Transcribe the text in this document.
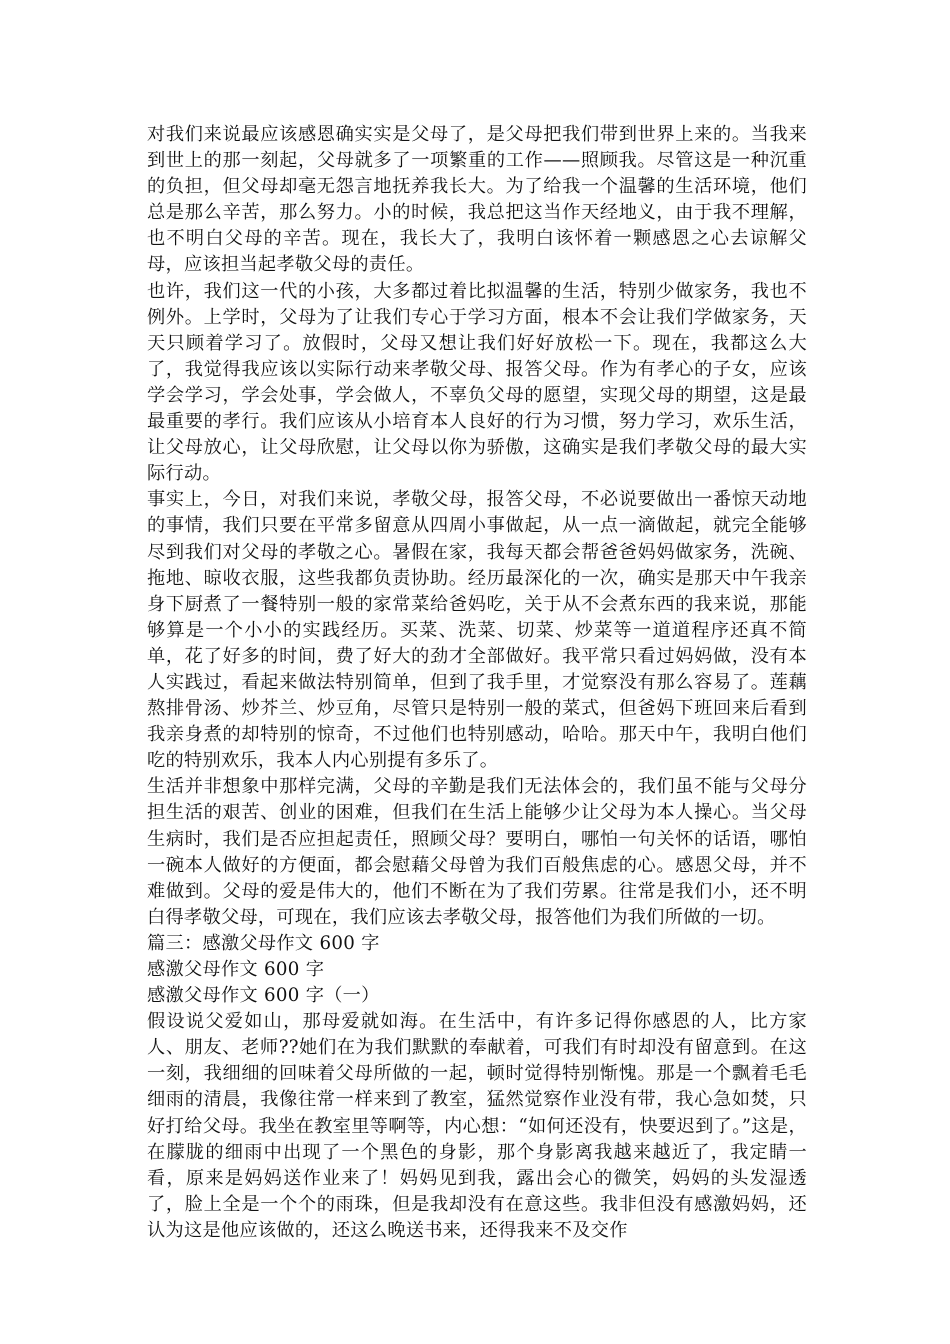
对我们来说最应该感恩确实实是父母了，是父母把我们带到世界上来的。当我来到世上的那一刻起，父母就多了一项繁重的工作——照顾我。尽管这是一种沉重的负担，但父母却毫无怨言地抚养我长大。为了给我一个温馨的生活环境，他们总是那么辛苦，那么努力。小的时候，我总把这当作天经地义，由于我不理解，也不明白父母的辛苦。现在，我长大了，我明白该怀着一颗感恩之心去谅解父母，应该担当起孝敬父母的责任。

也许，我们这一代的小孩，大多都过着比拟温馨的生活，特别少做家务，我也不例外。上学时，父母为了让我们专心于学习方面，根本不会让我们学做家务，天天只顾着学习了。放假时，父母又想让我们好好放松一下。现在，我都这么大了，我觉得我应该以实际行动来孝敬父母、报答父母。作为有孝心的子女，应该学会学习，学会处事，学会做人，不辜负父母的愿望，实现父母的期望，这是最最重要的孝行。我们应该从小培育本人良好的行为习惯，努力学习，欢乐生活，让父母放心，让父母欣慰，让父母以你为骄傲，这确实是我们孝敬父母的最大实际行动。

事实上，今日，对我们来说，孝敬父母，报答父母，不必说要做出一番惊天动地的事情，我们只要在平常多留意从四周小事做起，从一点一滴做起，就完全能够尽到我们对父母的孝敬之心。暑假在家，我每天都会帮爸爸妈妈做家务，洗碗、拖地、晾收衣服，这些我都负责协助。经历最深化的一次，确实是那天中午我亲身下厨煮了一餐特别一般的家常菜给爸妈吃，关于从不会煮东西的我来说，那能够算是一个小小的实践经历。买菜、洗菜、切菜、炒菜等一道道程序还真不简单，花了好多的时间，费了好大的劲才全部做好。我平常只看过妈妈做，没有本人实践过，看起来做法特别简单，但到了我手里，才觉察没有那么容易了。莲藕熬排骨汤、炒芥兰、炒豆角，尽管只是特别一般的菜式，但爸妈下班回来后看到我亲身煮的却特别的惊奇，不过他们也特别感动，哈哈。那天中午，我明白他们吃的特别欢乐，我本人内心别提有多乐了。

生活并非想象中那样完满，父母的辛勤是我们无法体会的，我们虽不能与父母分担生活的艰苦、创业的困难，但我们在生活上能够少让父母为本人操心。当父母生病时，我们是否应担起责任，照顾父母？要明白，哪怕一句关怀的话语，哪怕一碗本人做好的方便面，都会慰藉父母曾为我们百般焦虑的心。感恩父母，并不难做到。父母的爱是伟大的，他们不断在为了我们劳累。往常是我们小，还不明白得孝敬父母，可现在，我们应该去孝敬父母，报答他们为我们所做的一切。

篇三：感激父母作文 600 字

感激父母作文 600 字

感激父母作文 600 字（一）

假设说父爱如山，那母爱就如海。在生活中，有许多记得你感恩的人，比方家人、朋友、老师??她们在为我们默默的奉献着，可我们有时却没有留意到。在这一刻，我细细的回味着父母所做的一起，顿时觉得特别惭愧。那是一个飘着毛毛细雨的清晨，我像往常一样来到了教室，猛然觉察作业没有带，我心急如焚，只好打给父母。我坐在教室里等啊等，内心想：“如何还没有，快要迟到了。”这是，在朦胧的细雨中出现了一个黑色的身影，那个身影离我越来越近了，我定睛一看，原来是妈妈送作业来了！妈妈见到我，露出会心的微笑，妈妈的头发湿透了，脸上全是一个个的雨珠，但是我却没有在意这些。我非但没有感激妈妈，还认为这是他应该做的，还这么晚送书来，还得我来不及交作
